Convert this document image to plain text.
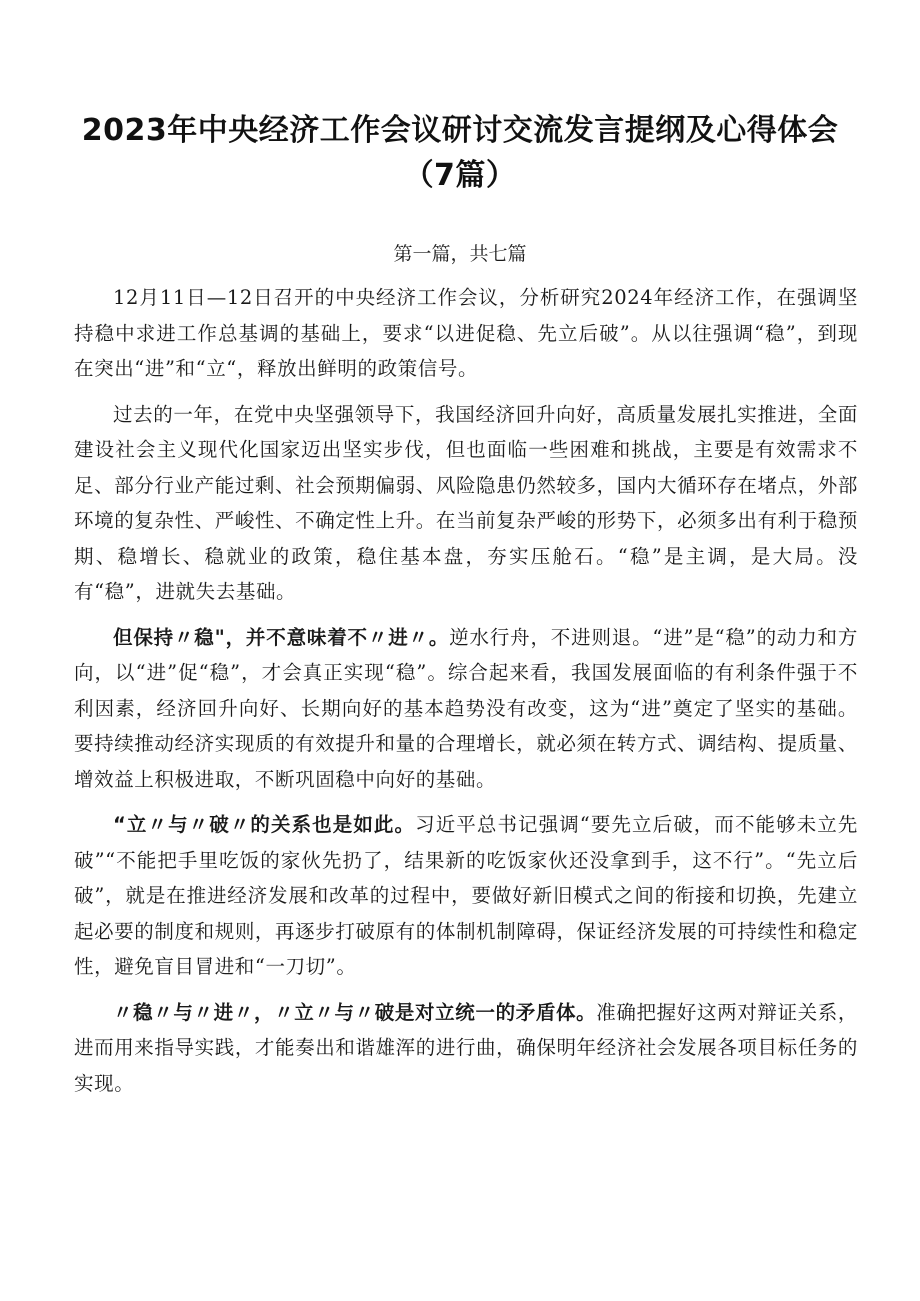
2023年中央经济工作会议研讨交流发言提纲及心得体会（7篇）
第一篇，共七篇

12月11日—12日召开的中央经济工作会议，分析研究2024年经济工作，在强调坚持稳中求进工作总基调的基础上，要求“以进促稳、先立后破”。从以往强调“稳”，到现在突出“进”和“立“，释放出鲜明的政策信号。

过去的一年，在党中央坚强领导下，我国经济回升向好，高质量发展扎实推进，全面建设社会主义现代化国家迈出坚实步伐，但也面临一些困难和挑战，主要是有效需求不足、部分行业产能过剩、社会预期偏弱、风险隐患仍然较多，国内大循环存在堵点，外部环境的复杂性、严峻性、不确定性上升。在当前复杂严峻的形势下，必须多出有利于稳预期、稳增长、稳就业的政策，稳住基本盘，夯实压舱石。“稳”是主调，是大局。没有“稳”，进就失去基础。

但保持〃稳"，并不意味着不〃进〃。逆水行舟，不进则退。“进”是“稳”的动力和方向，以“进”促“稳”，才会真正实现“稳”。综合起来看，我国发展面临的有利条件强于不利因素，经济回升向好、长期向好的基本趋势没有改变，这为“进”奠定了坚实的基础。要持续推动经济实现质的有效提升和量的合理增长，就必须在转方式、调结构、提质量、增效益上积极进取，不断巩固稳中向好的基础。

“立〃与〃破〃的关系也是如此。习近平总书记强调“要先立后破，而不能够未立先破”“不能把手里吃饭的家伙先扔了，结果新的吃饭家伙还没拿到手，这不行”。“先立后破”，就是在推进经济发展和改革的过程中，要做好新旧模式之间的衔接和切换，先建立起必要的制度和规则，再逐步打破原有的体制机制障碍，保证经济发展的可持续性和稳定性，避免盲目冒进和“一刀切”。

〃稳〃与〃进〃，〃立〃与〃破是对立统一的矛盾体。准确把握好这两对辩证关系，进而用来指导实践，才能奏出和谐雄浑的进行曲，确保明年经济社会发展各项目标任务的实现。
